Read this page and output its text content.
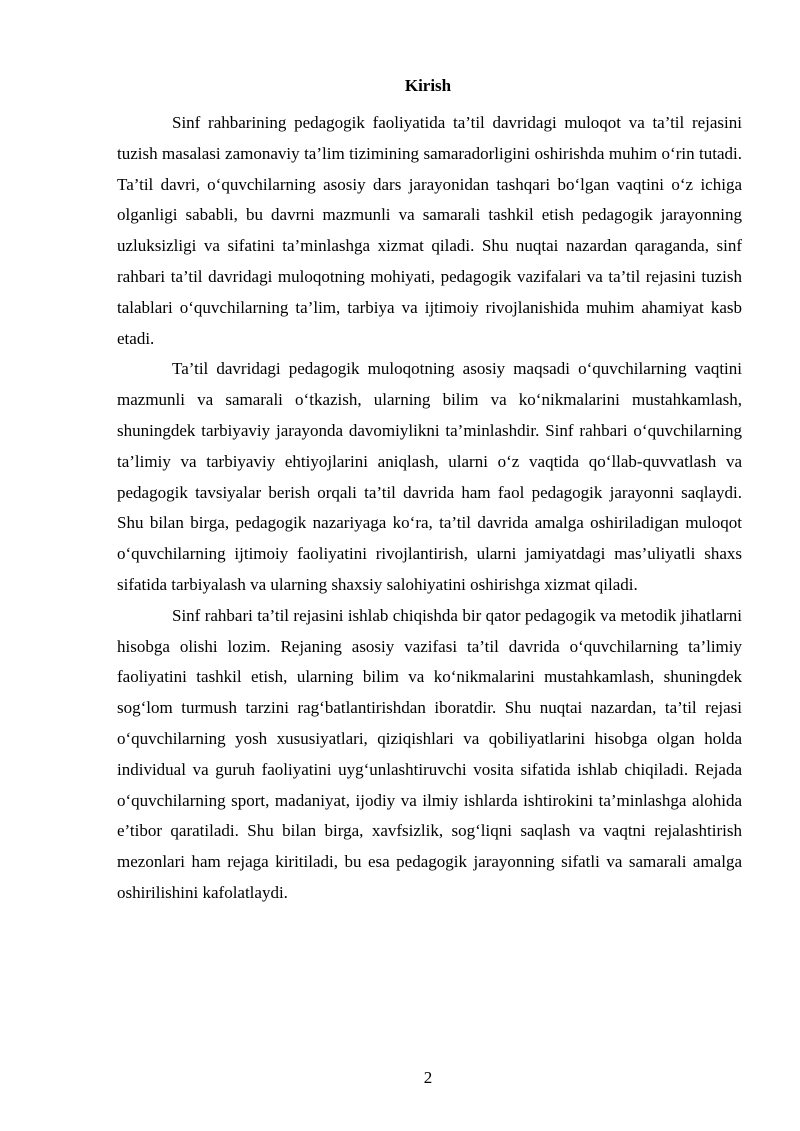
Kirish

Sinf rahbarining pedagogik faoliyatida ta’til davridagi muloqot va ta’til rejasini tuzish masalasi zamonaviy ta’lim tizimining samaradorligini oshirishda muhim o‘rin tutadi. Ta’til davri, o‘quvchilarning asosiy dars jarayonidan tashqari bo‘lgan vaqtini o‘z ichiga olganligi sababli, bu davrni mazmunli va samarali tashkil etish pedagogik jarayonning uzluksizligi va sifatini ta’minlashga xizmat qiladi. Shu nuqtai nazardan qaraganda, sinf rahbari ta’til davridagi muloqotning mohiyati, pedagogik vazifalari va ta’til rejasini tuzish talablari o‘quvchilarning ta’lim, tarbiya va ijtimoiy rivojlanishida muhim ahamiyat kasb etadi.

Ta’til davridagi pedagogik muloqotning asosiy maqsadi o‘quvchilarning vaqtini mazmunli va samarali o‘tkazish, ularning bilim va ko‘nikmalarini mustahkamlash, shuningdek tarbiyaviy jarayonda davomiylikni ta’minlashdir. Sinf rahbari o‘quvchilarning ta’limiy va tarbiyaviy ehtiyojlarini aniqlash, ularni o‘z vaqtida qo‘llab-quvvatlash va pedagogik tavsiyalar berish orqali ta’til davrida ham faol pedagogik jarayonni saqlaydi. Shu bilan birga, pedagogik nazariyaga ko‘ra, ta’til davrida amalga oshiriladigan muloqot o‘quvchilarning ijtimoiy faoliyatini rivojlantirish, ularni jamiyatdagi mas’uliyatli shaxs sifatida tarbiyalash va ularning shaxsiy salohiyatini oshirishga xizmat qiladi.

Sinf rahbari ta’til rejasini ishlab chiqishda bir qator pedagogik va metodik jihatlarni hisobga olishi lozim. Rejaning asosiy vazifasi ta’til davrida o‘quvchilarning ta’limiy faoliyatini tashkil etish, ularning bilim va ko‘nikmalarini mustahkamlash, shuningdek sog‘lom turmush tarzini rag‘batlantirishdan iboratdir. Shu nuqtai nazardan, ta’til rejasi o‘quvchilarning yosh xususiyatlari, qiziqishlari va qobiliyatlarini hisobga olgan holda individual va guruh faoliyatini uyg‘unlashtiruvchi vosita sifatida ishlab chiqiladi. Rejada o‘quvchilarning sport, madaniyat, ijodiy va ilmiy ishlarda ishtirokini ta’minlashga alohida e’tibor qaratiladi. Shu bilan birga, xavfsizlik, sog‘liqni saqlash va vaqtni rejalashtirish mezonlari ham rejaga kiritiladi, bu esa pedagogik jarayonning sifatli va samarali amalga oshirilishini kafolatlaydi.

2
